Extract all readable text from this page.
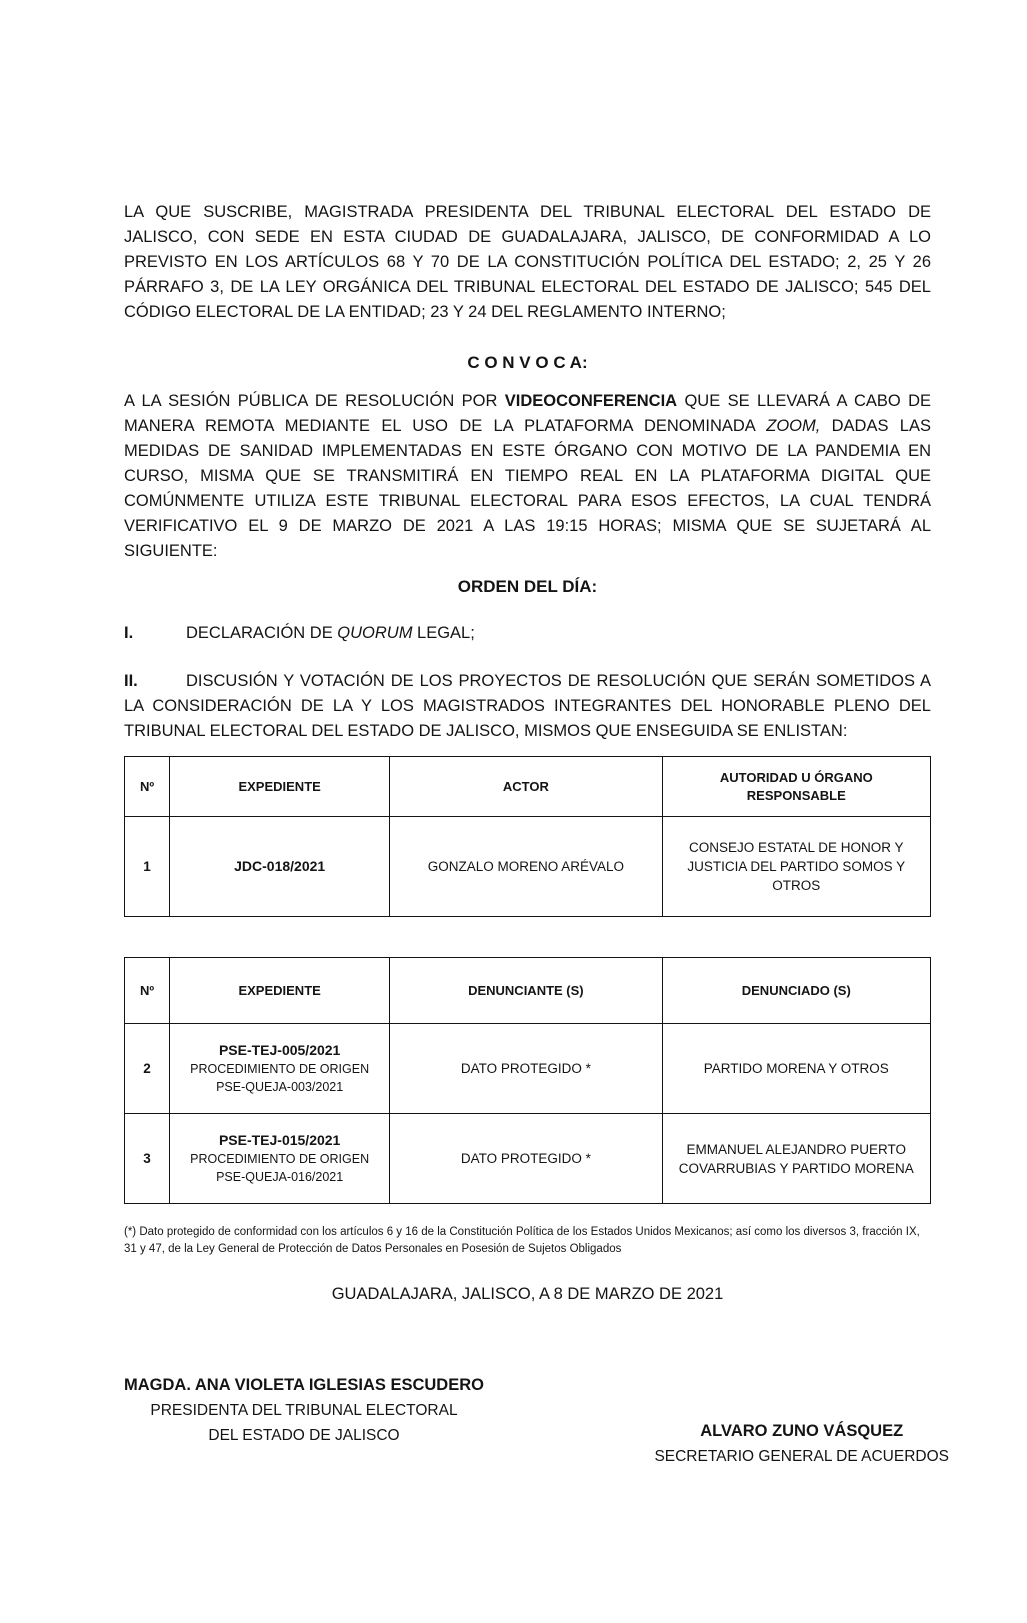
LA QUE SUSCRIBE, MAGISTRADA PRESIDENTA DEL TRIBUNAL ELECTORAL DEL ESTADO DE JALISCO, CON SEDE EN ESTA CIUDAD DE GUADALAJARA, JALISCO, DE CONFORMIDAD A LO PREVISTO EN LOS ARTÍCULOS 68 Y 70 DE LA CONSTITUCIÓN POLÍTICA DEL ESTADO; 2, 25 Y 26 PÁRRAFO 3, DE LA LEY ORGÁNICA DEL TRIBUNAL ELECTORAL DEL ESTADO DE JALISCO; 545 DEL CÓDIGO ELECTORAL DE LA ENTIDAD; 23 Y 24 DEL REGLAMENTO INTERNO;

C O N V O C A:

A LA SESIÓN PÚBLICA DE RESOLUCIÓN POR VIDEOCONFERENCIA QUE SE LLEVARÁ A CABO DE MANERA REMOTA MEDIANTE EL USO DE LA PLATAFORMA DENOMINADA ZOOM, DADAS LAS MEDIDAS DE SANIDAD IMPLEMENTADAS EN ESTE ÓRGANO CON MOTIVO DE LA PANDEMIA EN CURSO, MISMA QUE SE TRANSMITIRÁ EN TIEMPO REAL EN LA PLATAFORMA DIGITAL QUE COMÚNMENTE UTILIZA ESTE TRIBUNAL ELECTORAL PARA ESOS EFECTOS, LA CUAL TENDRÁ VERIFICATIVO EL 9 DE MARZO DE 2021 A LAS 19:15 HORAS; MISMA QUE SE SUJETARÁ AL SIGUIENTE:

ORDEN DEL DÍA:

I.	DECLARACIÓN DE QUORUM LEGAL;

II.	DISCUSIÓN Y VOTACIÓN DE LOS PROYECTOS DE RESOLUCIÓN QUE SERÁN SOMETIDOS A LA CONSIDERACIÓN DE LA Y LOS MAGISTRADOS INTEGRANTES DEL HONORABLE PLENO DEL TRIBUNAL ELECTORAL DEL ESTADO DE JALISCO, MISMOS QUE ENSEGUIDA SE ENLISTAN:

Nº	EXPEDIENTE	ACTOR	AUTORIDAD U ÓRGANO RESPONSABLE
1	JDC-018/2021	GONZALO MORENO ARÉVALO	CONSEJO ESTATAL DE HONOR Y JUSTICIA DEL PARTIDO SOMOS Y OTROS
Nº	EXPEDIENTE	DENUNCIANTE (S)	DENUNCIADO (S)
2	PSE-TEJ-005/2021
PROCEDIMIENTO DE ORIGEN
PSE-QUEJA-003/2021	DATO PROTEGIDO *	PARTIDO MORENA Y OTROS
3	PSE-TEJ-015/2021
PROCEDIMIENTO DE ORIGEN
PSE-QUEJA-016/2021	DATO PROTEGIDO *	EMMANUEL ALEJANDRO PUERTO COVARRUBIAS Y PARTIDO MORENA

(*) Dato protegido de conformidad con los artículos 6 y 16 de la Constitución Política de los Estados Unidos Mexicanos; así como los diversos 3, fracción IX, 31 y 47, de la Ley General de Protección de Datos Personales en Posesión de Sujetos Obligados

GUADALAJARA, JALISCO, A 8 DE MARZO DE 2021

MAGDA. ANA VIOLETA IGLESIAS ESCUDERO
PRESIDENTA DEL TRIBUNAL ELECTORAL
DEL ESTADO DE JALISCO	ALVARO ZUNO VÁSQUEZ
SECRETARIO GENERAL DE ACUERDOS
